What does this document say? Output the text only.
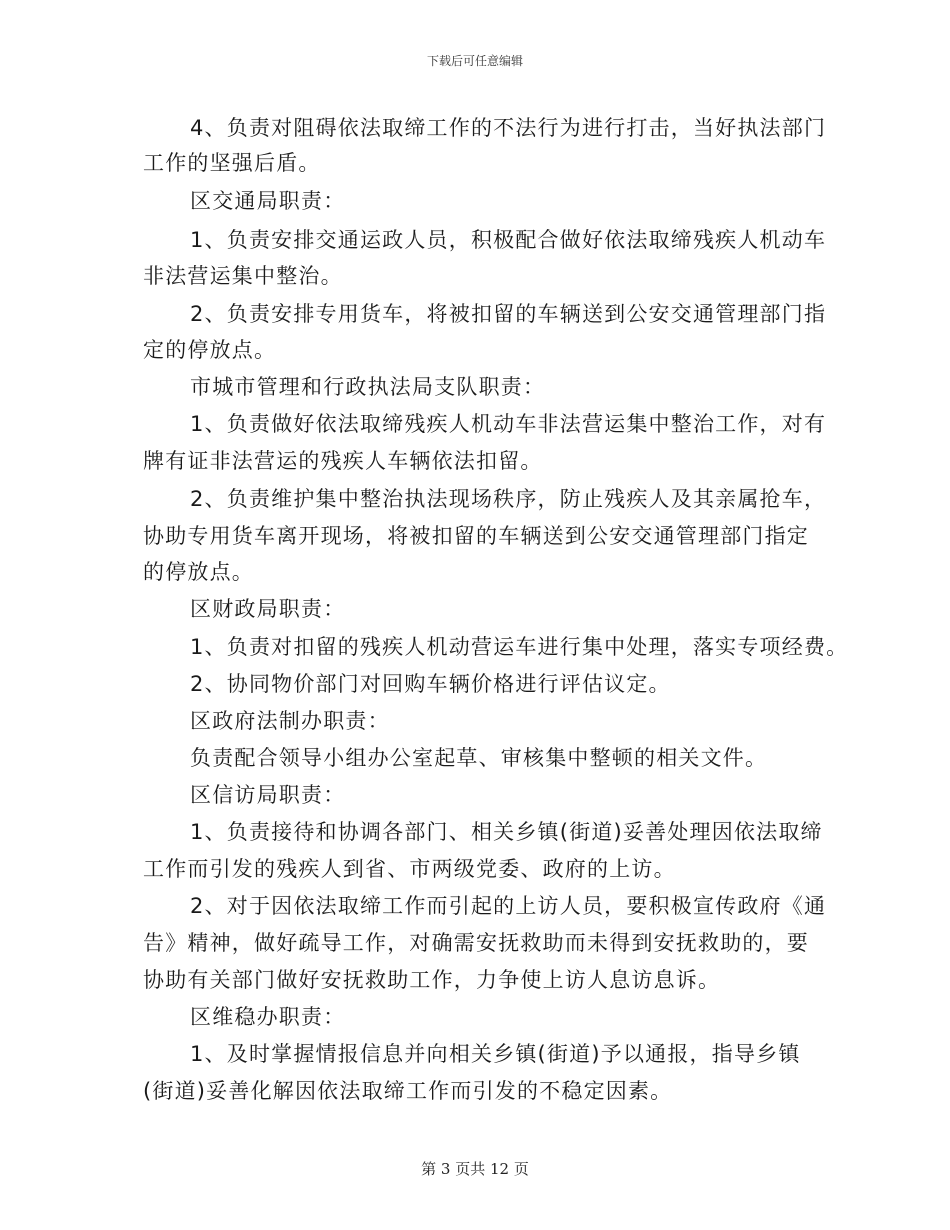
下载后可任意编辑
4、负责对阻碍依法取缔工作的不法行为进行打击，当好执法部门
工作的坚强后盾。
区交通局职责：
1、负责安排交通运政人员，积极配合做好依法取缔残疾人机动车
非法营运集中整治。
2、负责安排专用货车，将被扣留的车辆送到公安交通管理部门指
定的停放点。
市城市管理和行政执法局支队职责：
1、负责做好依法取缔残疾人机动车非法营运集中整治工作，对有
牌有证非法营运的残疾人车辆依法扣留。
2、负责维护集中整治执法现场秩序，防止残疾人及其亲属抢车，
协助专用货车离开现场，将被扣留的车辆送到公安交通管理部门指定
的停放点。
区财政局职责：
1、负责对扣留的残疾人机动营运车进行集中处理，落实专项经费。
2、协同物价部门对回购车辆价格进行评估议定。
区政府法制办职责：
负责配合领导小组办公室起草、审核集中整顿的相关文件。
区信访局职责：
1、负责接待和协调各部门、相关乡镇(街道)妥善处理因依法取缔
工作而引发的残疾人到省、市两级党委、政府的上访。
2、对于因依法取缔工作而引起的上访人员，要积极宣传政府《通
告》精神，做好疏导工作，对确需安抚救助而未得到安抚救助的，要
协助有关部门做好安抚救助工作，力争使上访人息访息诉。
区维稳办职责：
1、及时掌握情报信息并向相关乡镇(街道)予以通报，指导乡镇
(街道)妥善化解因依法取缔工作而引发的不稳定因素。
第 3 页共 12 页
